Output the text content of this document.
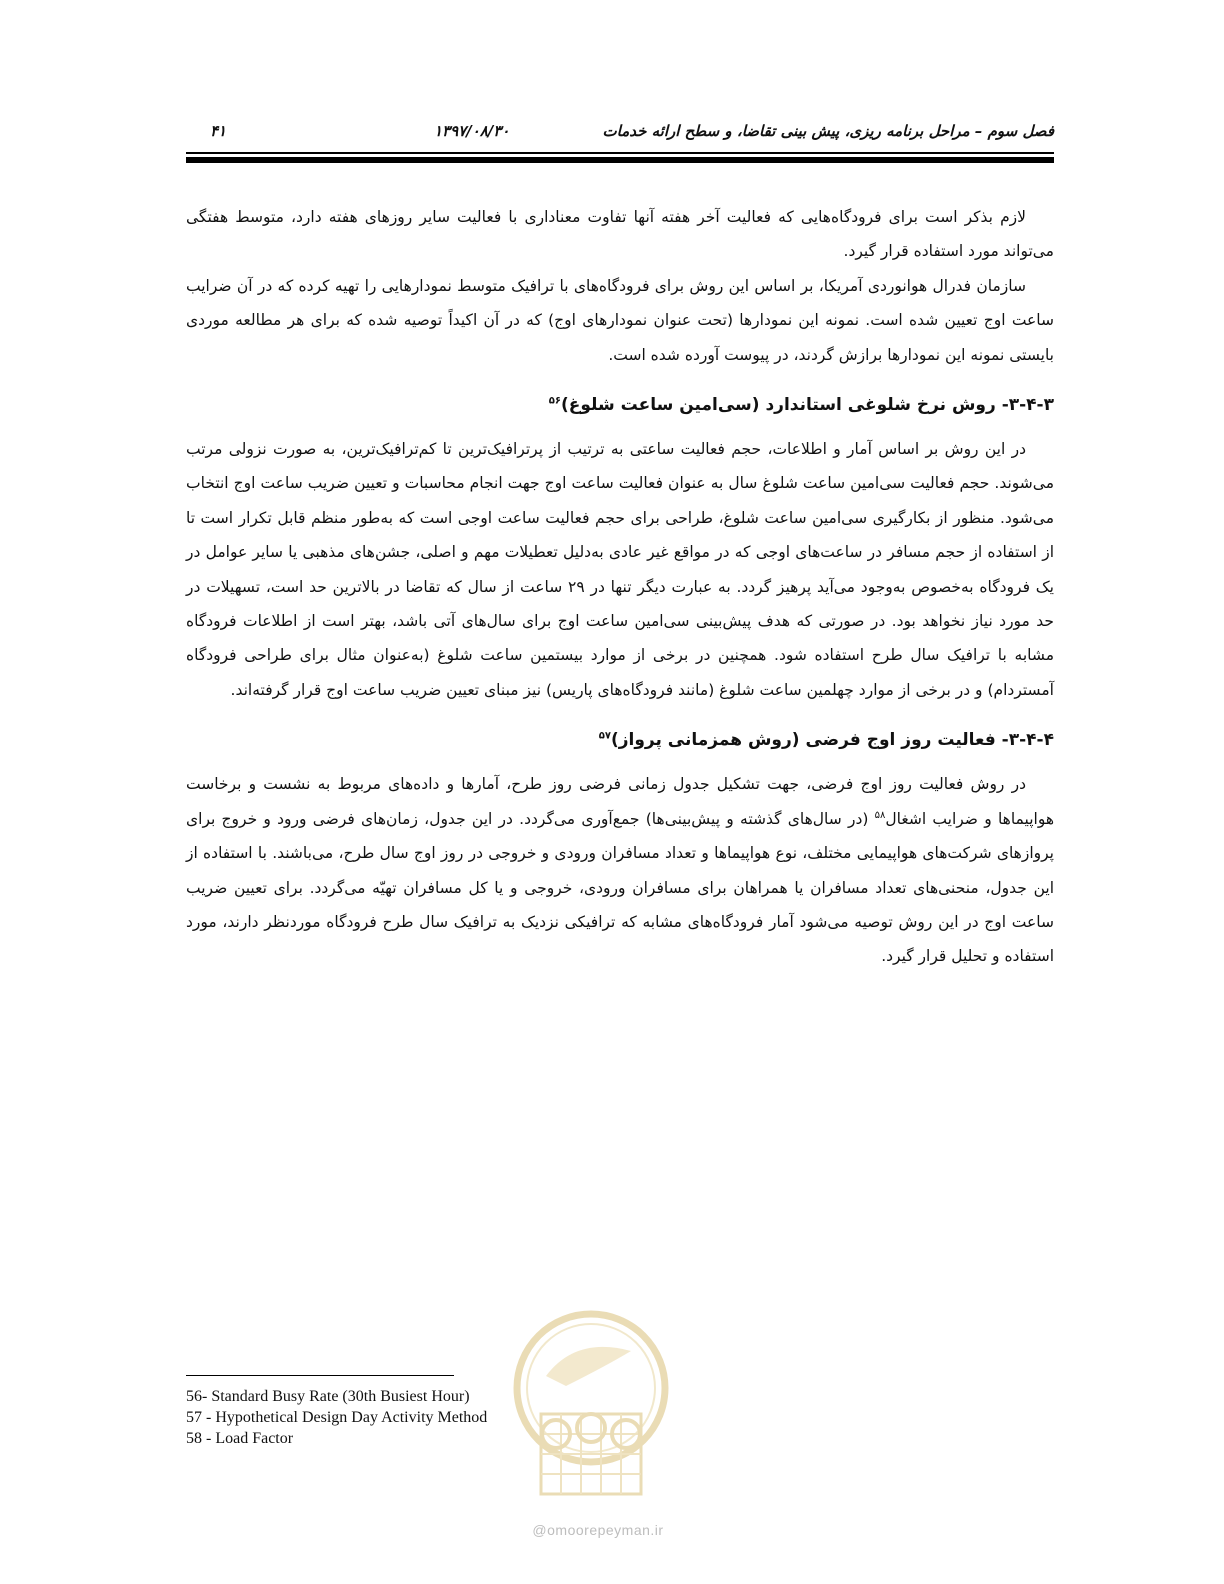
فصل سوم – مراحل برنامه ریزی، پیش بینی تقاضا، و سطح ارائه خدمات
۱۳۹۷/۰۸/۳۰
۴۱

لازم بذکر است برای فرودگاه‌هایی که فعالیت آخر هفته آنها تفاوت معناداری با فعالیت سایر روزهای هفته دارد، متوسط هفتگی می‌تواند مورد استفاده قرار گیرد.

سازمان فدرال هوانوردی آمریکا، بر اساس این روش برای فرودگاه‌های با ترافیک متوسط نمودارهایی را تهیه کرده که در آن ضرایب ساعت اوج تعیین شده است. نمونه این نمودارها (تحت عنوان نمودارهای اوج) که در آن اکیداً توصیه شده که برای هر مطالعه موردی بایستی نمونه این نمودارها برازش گردند، در پیوست آورده شده است.

۳-۴-۳- روش نرخ شلوغی استاندارد (سی‌امین ساعت شلوغ)$^{۵۶}$

در این روش بر اساس آمار و اطلاعات، حجم فعالیت ساعتی به ترتیب از پرترافیک‌ترین تا کم‌ترافیک‌ترین، به صورت نزولی مرتب می‌شوند. حجم فعالیت سی‌امین ساعت شلوغ سال به عنوان فعالیت ساعت اوج جهت انجام محاسبات و تعیین ضریب ساعت اوج انتخاب می‌شود. منظور از بکارگیری سی‌امین ساعت شلوغ، طراحی برای حجم فعالیت ساعت اوجی است که به‌طور منظم قابل تکرار است تا از استفاده از حجم مسافر در ساعت‌های اوجی که در مواقع غیر عادی به‌دلیل تعطیلات مهم و اصلی، جشن‌های مذهبی یا سایر عوامل در یک فرودگاه به‌خصوص به‌وجود می‌آید پرهیز گردد. به عبارت دیگر تنها در ۲۹ ساعت از سال که تقاضا در بالاترین حد است، تسهیلات در حد مورد نیاز نخواهد بود. در صورتی که هدف پیش‌بینی سی‌امین ساعت اوج برای سال‌های آتی باشد، بهتر است از اطلاعات فرودگاه مشابه با ترافیک سال طرح استفاده شود. همچنین در برخی از موارد بیستمین ساعت شلوغ (به‌عنوان مثال برای طراحی فرودگاه آمستردام) و در برخی از موارد چهلمین ساعت شلوغ (مانند فرودگاه‌های پاریس) نیز مبنای تعیین ضریب ساعت اوج قرار گرفته‌اند.

۳-۴-۴- فعالیت روز اوج فرضی (روش همزمانی پرواز)$^{۵۷}$

در روش فعالیت روز اوج فرضی، جهت تشکیل جدول زمانی فرضی روز طرح، آمارها و داده‌های مربوط به نشست و برخاست هواپیماها و ضرایب اشغال$^{۵۸}$ (در سال‌های گذشته و پیش‌بینی‌ها) جمع‌آوری می‌گردد. در این جدول، زمان‌های فرضی ورود و خروج برای پروازهای شرکت‌های هواپیمایی مختلف، نوع هواپیماها و تعداد مسافران ورودی و خروجی در روز اوج سال طرح، می‌باشند. با استفاده از این جدول، منحنی‌های تعداد مسافران یا همراهان برای مسافران ورودی، خروجی و یا کل مسافران تهیّه می‌گردد. برای تعیین ضریب ساعت اوج در این روش توصیه می‌شود آمار فرودگاه‌های مشابه که ترافیکی نزدیک به ترافیک سال طرح فرودگاه موردنظر دارند، مورد استفاده و تحلیل قرار گیرد.

56- Standard Busy Rate (30th Busiest Hour)
57 - Hypothetical Design Day Activity Method
58 - Load Factor
@omoorepeyman.ir
